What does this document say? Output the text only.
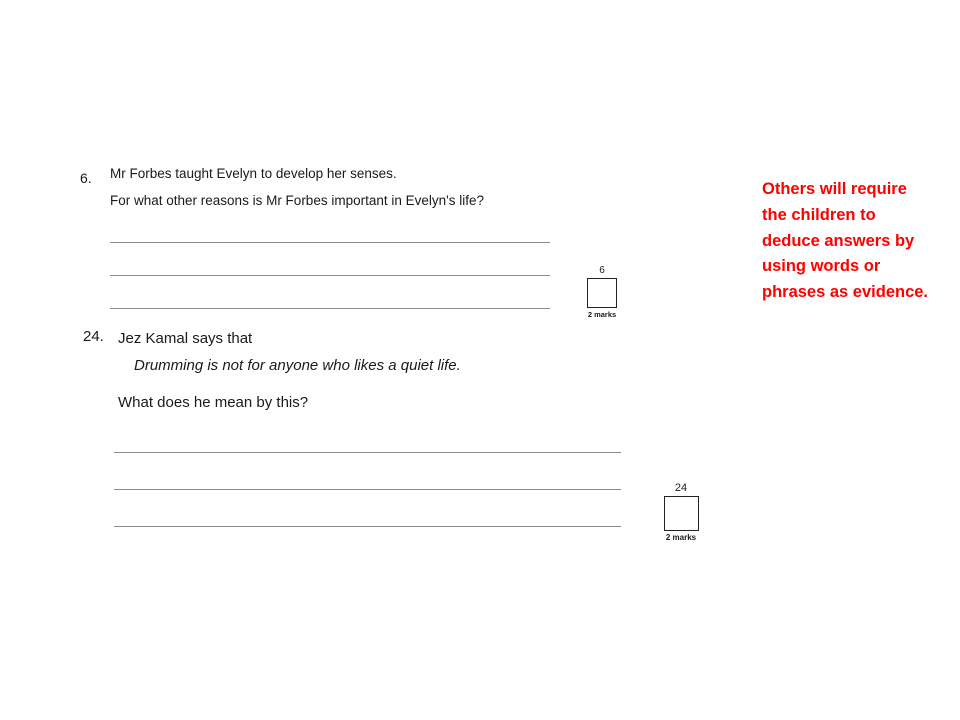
6. Mr Forbes taught Evelyn to develop her senses.
For what other reasons is Mr Forbes important in Evelyn's life?
6
2 marks
24. Jez Kamal says that
Drumming is not for anyone who likes a quiet life.
What does he mean by this?
24
2 marks
Others will require the children to deduce answers by using words or phrases as evidence.
